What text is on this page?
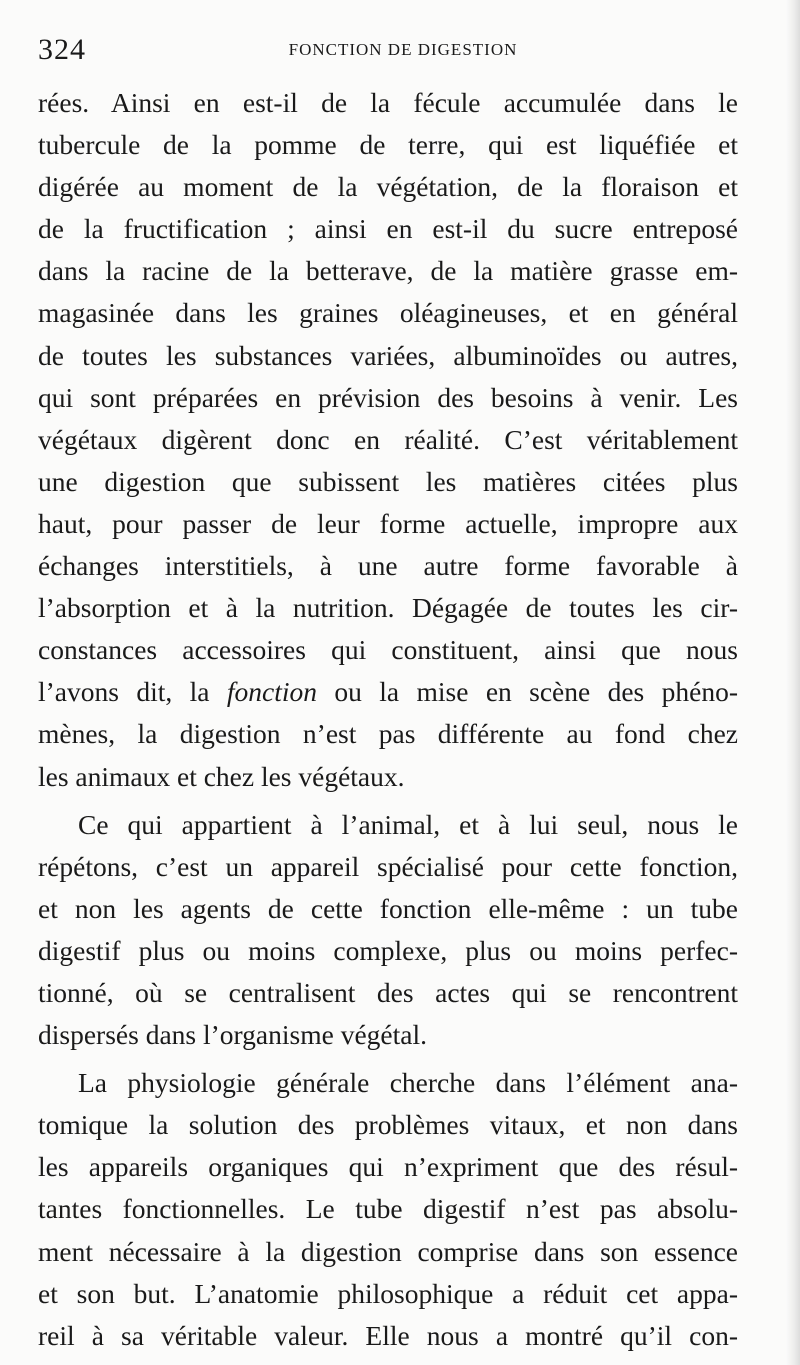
324	FONCTION DE DIGESTION
rées. Ainsi en est-il de la fécule accumulée dans le
tubercule de la pomme de terre, qui est liquéfiée et
digérée au moment de la végétation, de la floraison et
de la fructification ; ainsi en est-il du sucre entreposé
dans la racine de la betterave, de la matière grasse em-
magasinée dans les graines oléagineuses, et en général
de toutes les substances variées, albuminoïdes ou autres,
qui sont préparées en prévision des besoins à venir. Les
végétaux digèrent donc en réalité. C’est véritablement
une digestion que subissent les matières citées plus
haut, pour passer de leur forme actuelle, impropre aux
échanges interstitiels, à une autre forme favorable à
l’absorption et à la nutrition. Dégagée de toutes les cir-
constances accessoires qui constituent, ainsi que nous
l’avons dit, la fonction ou la mise en scène des phéno-
mènes, la digestion n’est pas différente au fond chez
les animaux et chez les végétaux.
Ce qui appartient à l’animal, et à lui seul, nous le
répétons, c’est un appareil spécialisé pour cette fonction,
et non les agents de cette fonction elle-même : un tube
digestif plus ou moins complexe, plus ou moins perfec-
tionné, où se centralisent des actes qui se rencontrent
dispersés dans l’organisme végétal.
La physiologie générale cherche dans l’élément ana-
tomique la solution des problèmes vitaux, et non dans
les appareils organiques qui n’expriment que des résul-
tantes fonctionnelles. Le tube digestif n’est pas absolu-
ment nécessaire à la digestion comprise dans son essence
et son but. L’anatomie philosophique a réduit cet appa-
reil à sa véritable valeur. Elle nous a montré qu’il con-
